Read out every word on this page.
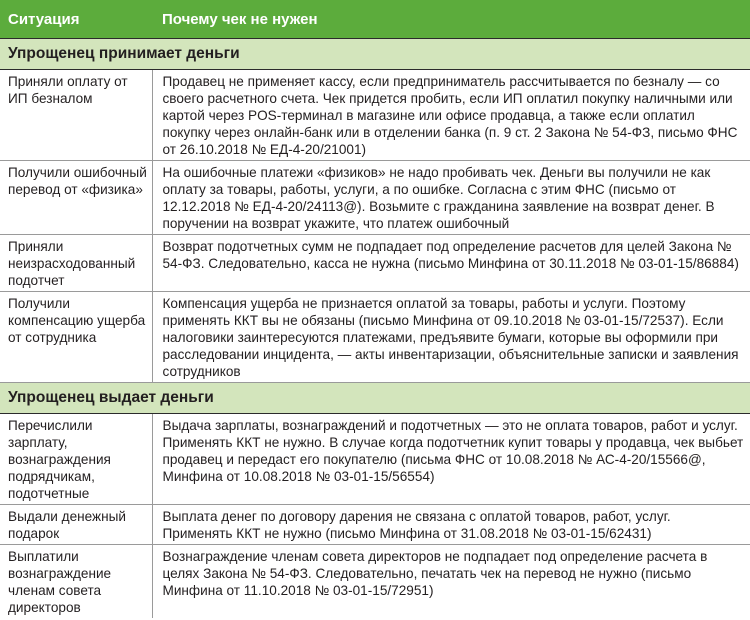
Ситуация	Почему чек не нужен
Упрощенец принимает деньги	
Приняли оплату от ИП безналом	Продавец не применяет кассу, если предприниматель рассчитывается по безналу — со своего расчетного счета. Чек придется пробить, если ИП оплатил покупку наличными или картой через POS-терминал в магазине или офисе продавца, а также если оплатил покупку через онлайн-банк или в отделении банка (п. 9 ст. 2 Закона № 54-ФЗ, письмо ФНС от 26.10.2018 № ЕД-4-20/21001)
Получили ошибочный перевод от «физика»	На ошибочные платежи «физиков» не надо пробивать чек. Деньги вы получили не как оплату за товары, работы, услуги, а по ошибке. Согласна с этим ФНС (письмо от 12.12.2018 № ЕД-4-20/24113@). Возьмите с гражданина заявление на возврат денег. В поручении на возврат укажите, что платеж ошибочный
Приняли неизрасходованный подотчет	Возврат подотчетных сумм не подпадает под определение расчетов для целей Закона № 54-ФЗ. Следовательно, касса не нужна (письмо Минфина от 30.11.2018 № 03-01-15/86884)
Получили компенсацию ущерба от сотрудника	Компенсация ущерба не признается оплатой за товары, работы и услуги. Поэтому применять ККТ вы не обязаны (письмо Минфина от 09.10.2018 № 03-01-15/72537). Если налоговики заинтересуются платежами, предъявите бумаги, которые вы оформили при расследовании инцидента, — акты инвентаризации, объяснительные записки и заявления сотрудников
Упрощенец выдает деньги	
Перечислили зарплату, вознаграждения подрядчикам, подотчетные	Выдача зарплаты, вознаграждений и подотчетных — это не оплата товаров, работ и услуг. Применять ККТ не нужно. В случае когда подотчетник купит товары у продавца, чек выбьет продавец и передаст его покупателю (письма ФНС от 10.08.2018 № АС-4-20/15566@, Минфина от 10.08.2018 № 03-01-15/56554)
Выдали денежный подарок	Выплата денег по договору дарения не связана с оплатой товаров, работ, услуг. Применять ККТ не нужно (письмо Минфина от 31.08.2018 № 03-01-15/62431)
Выплатили вознаграждение членам совета директоров	Вознаграждение членам совета директоров не подпадает под определение расчета в целях Закона № 54-ФЗ. Следовательно, печатать чек на перевод не нужно (письмо Минфина от 11.10.2018 № 03-01-15/72951)
